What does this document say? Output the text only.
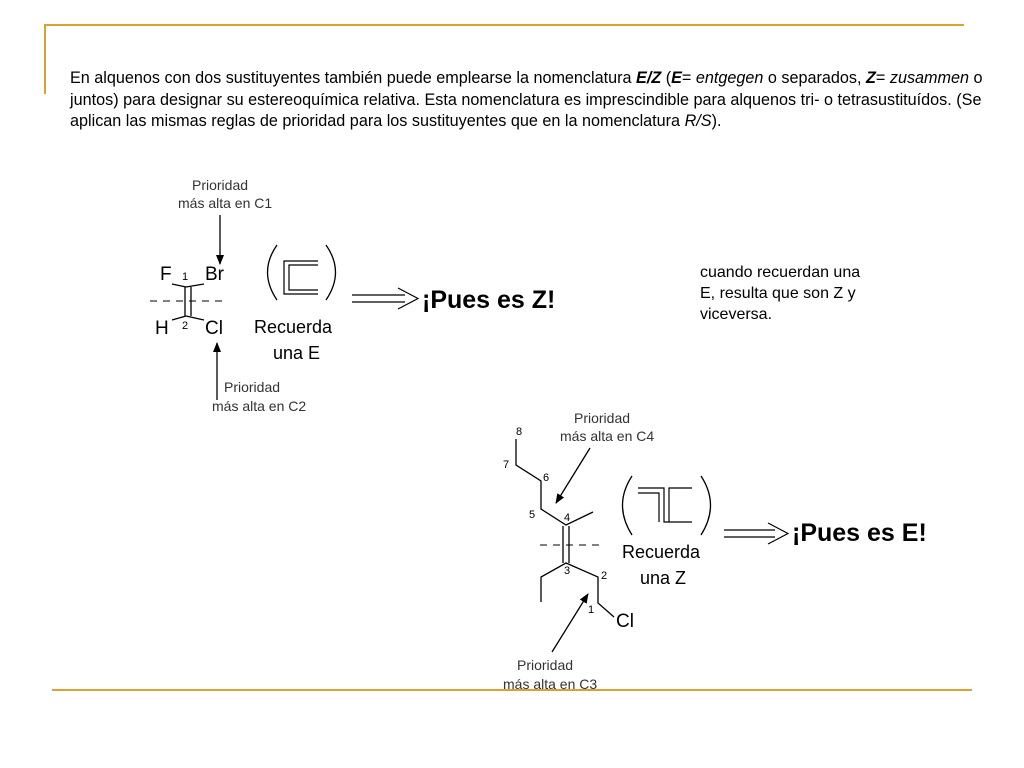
En alquenos con dos sustituyentes también puede emplearse la nomenclatura E/Z (E= entgegen o separados, Z= zusammen o juntos) para designar su estereoquímica relativa. Esta nomenclatura es imprescindible para alquenos tri- o tetrasustituídos. (Se aplican las mismas reglas de prioridad para los sustituyentes que en la nomenclatura R/S).

cuando recuerdan una E, resulta que son Z y viceversa.

Prioridad
más alta en C1
F 1 Br
H 2 Cl
Prioridad
más alta en C2
Recuerda
una E
¡Pues es Z!
Prioridad
más alta en C4
8
7
6
5	4
3	2
1
Cl
Prioridad
más alta en C3
Recuerda
una Z
¡Pues es E!
